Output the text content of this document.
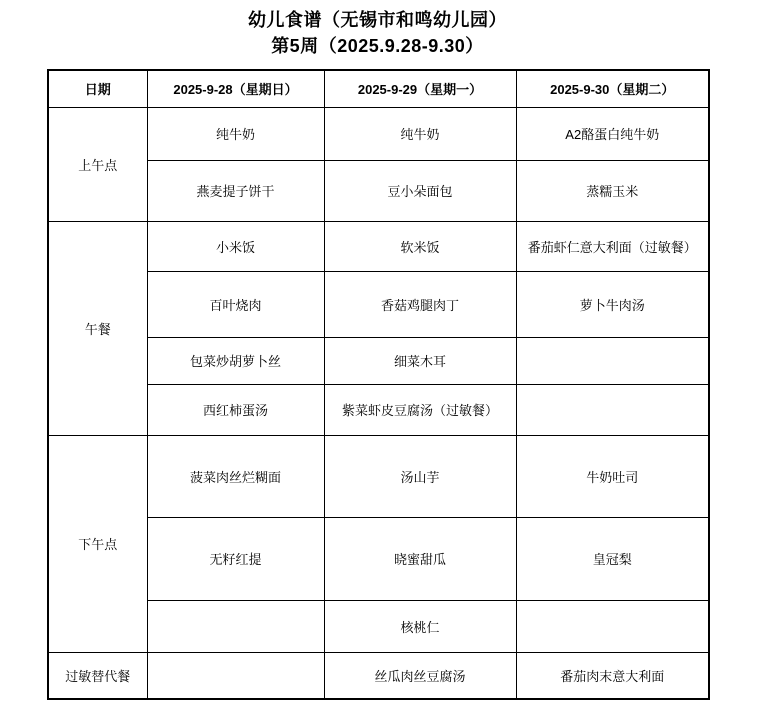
幼儿食谱（无锡市和鸣幼儿园）
第5周（2025.9.28-9.30）
日期	2025-9-28（星期日）	2025-9-29（星期一）	2025-9-30（星期二）
上午点	纯牛奶	纯牛奶	A2酪蛋白纯牛奶
	燕麦提子饼干	豆小朵面包	蒸糯玉米
午餐	小米饭	软米饭	番茄虾仁意大利面（过敏餐）
	百叶烧肉	香菇鸡腿肉丁	萝卜牛肉汤
	包菜炒胡萝卜丝	细菜木耳	
	西红柿蛋汤	紫菜虾皮豆腐汤（过敏餐）	
下午点	菠菜肉丝烂糊面	汤山芋	牛奶吐司
	无籽红提	晓蜜甜瓜	皇冠梨
		核桃仁	
过敏替代餐		丝瓜肉丝豆腐汤	番茄肉末意大利面
